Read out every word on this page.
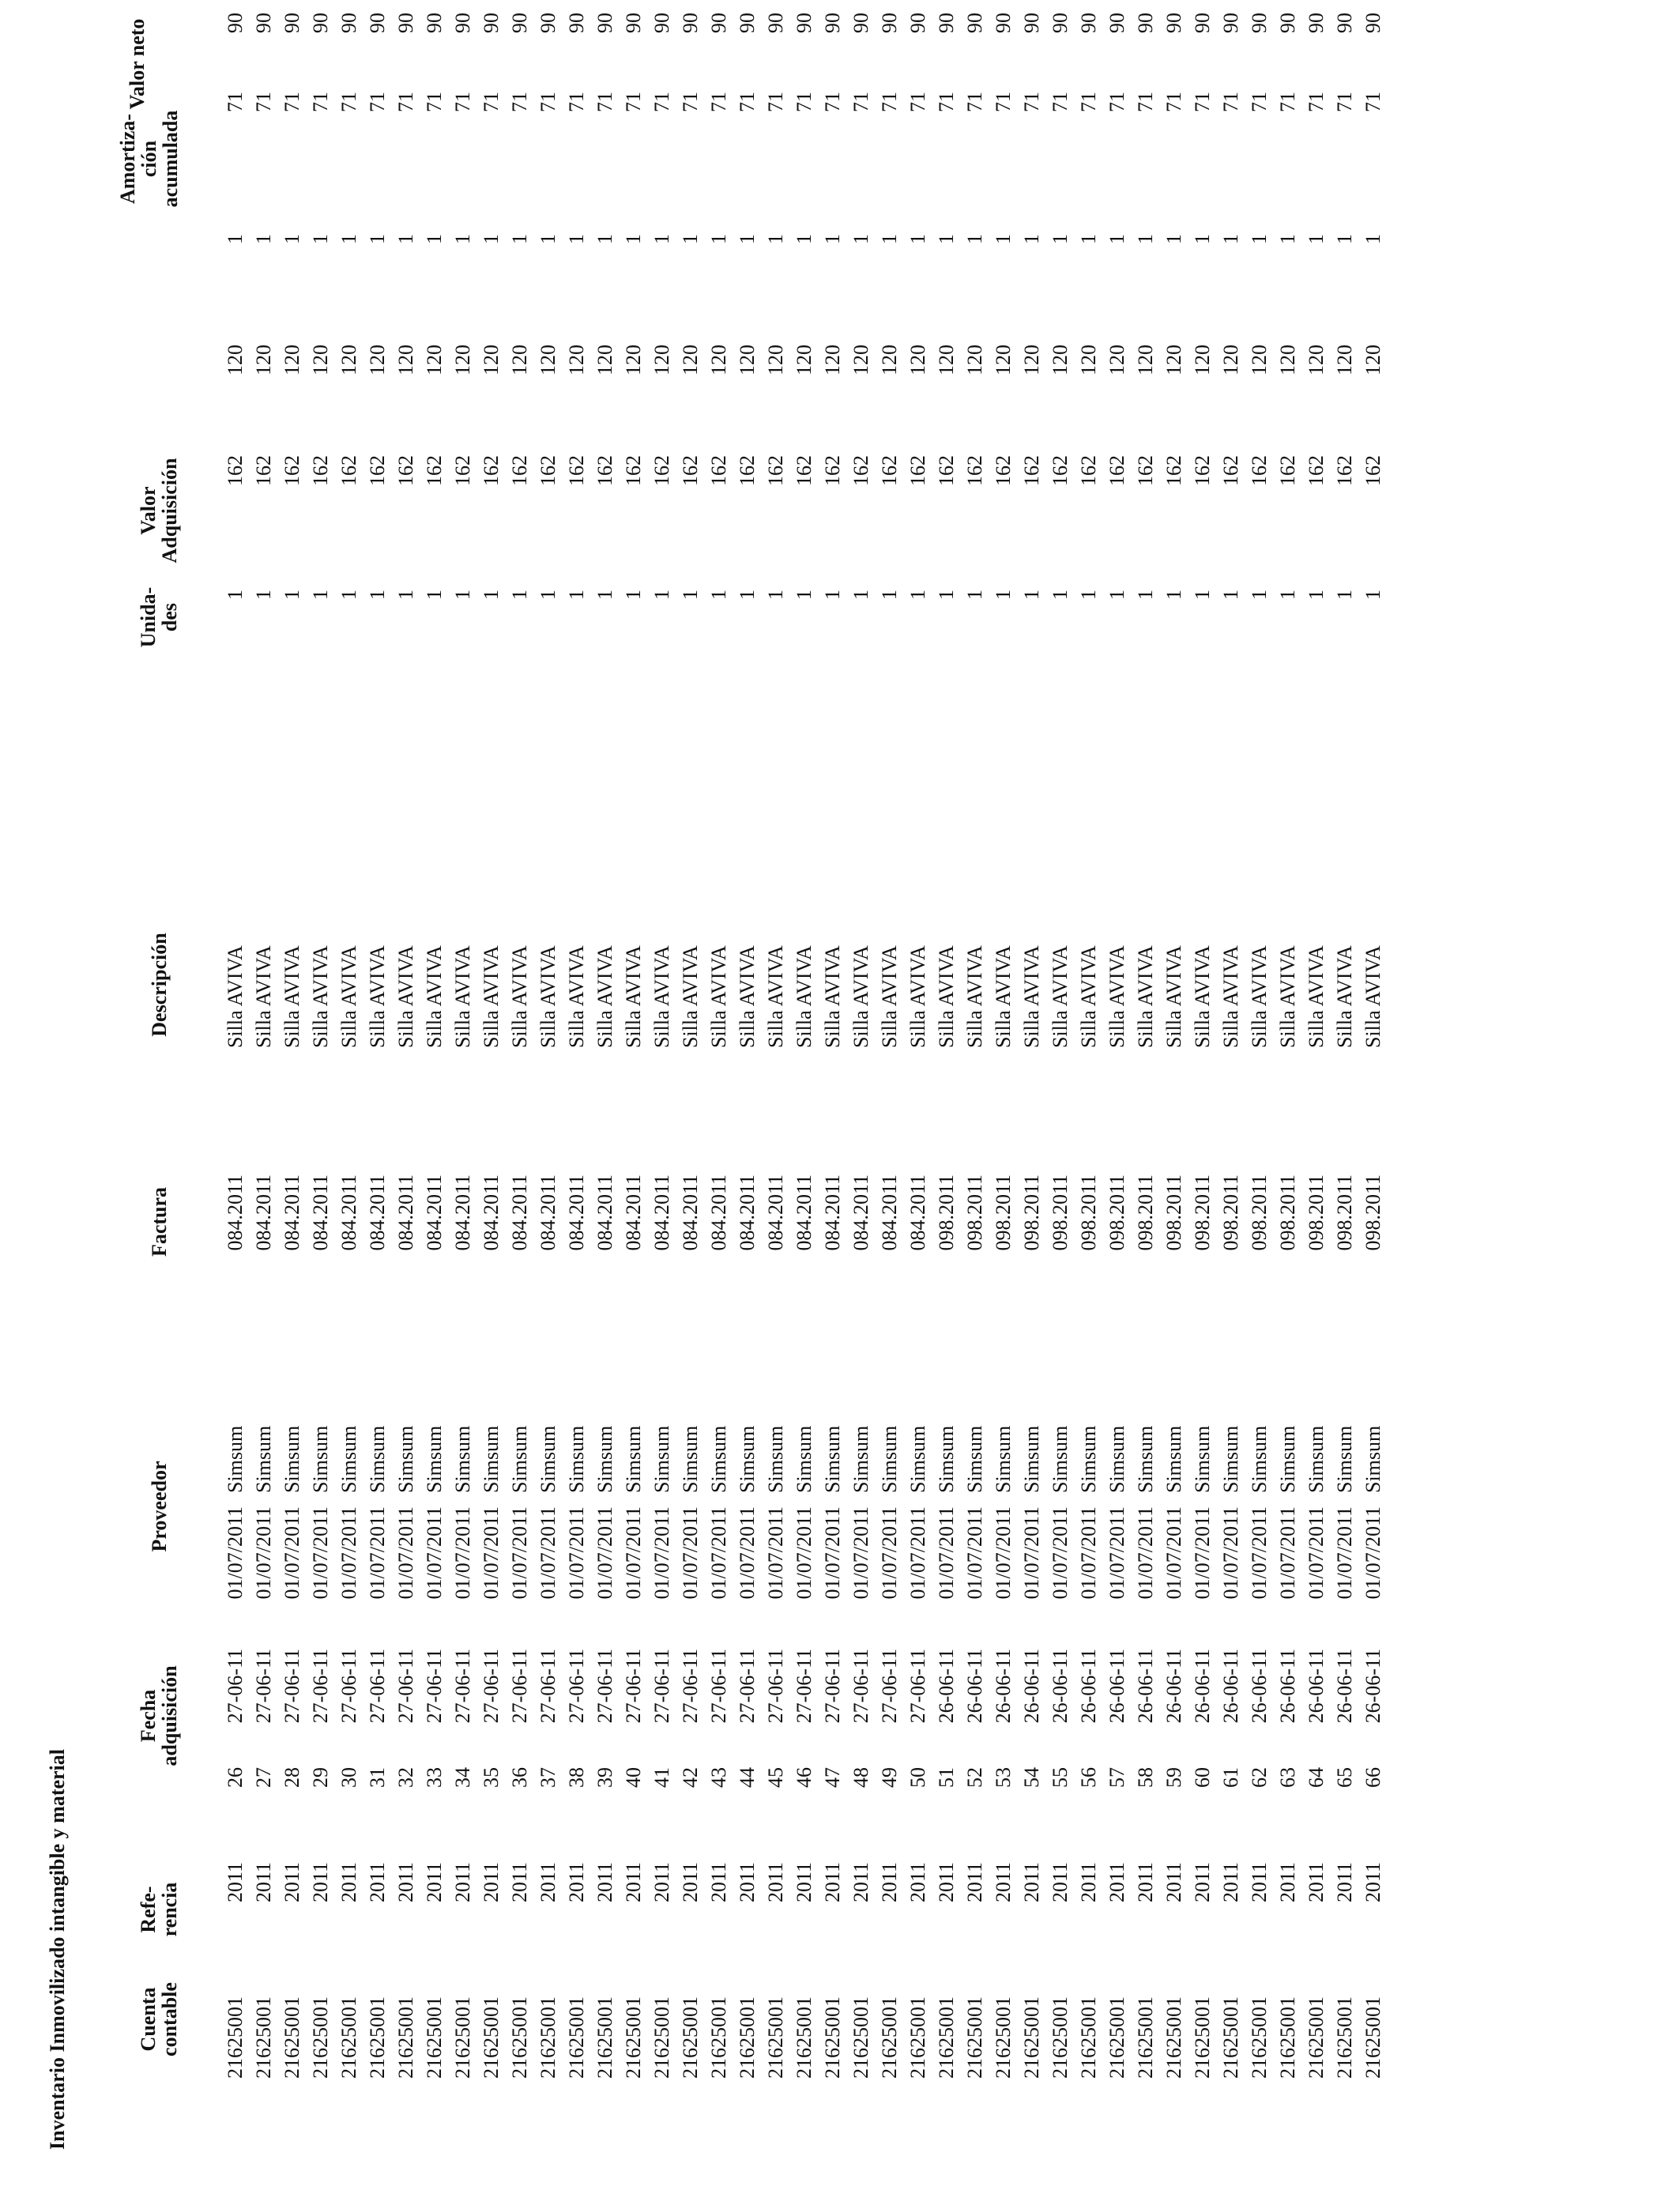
Inventario Inmovilizado intangible y material	Cuenta
contable
Refe-
rencia
Fecha
adquisición
Proveedor
Factura
Descripción
Unida-
des
Valor
Adquisición
Amortiza-
ción
acumulada
Valor neto
21625001
2011
26
27-06-11
01/07/2011
Simsum
084.2011
Silla AVIVA
1
162
120
1
71
90
21625001
2011
27
27-06-11
01/07/2011
Simsum
084.2011
Silla AVIVA
1
162
120
1
71
90
21625001
2011
28
27-06-11
01/07/2011
Simsum
084.2011
Silla AVIVA
1
162
120
1
71
90
21625001
2011
29
27-06-11
01/07/2011
Simsum
084.2011
Silla AVIVA
1
162
120
1
71
90
21625001
2011
30
27-06-11
01/07/2011
Simsum
084.2011
Silla AVIVA
1
162
120
1
71
90
21625001
2011
31
27-06-11
01/07/2011
Simsum
084.2011
Silla AVIVA
1
162
120
1
71
90
21625001
2011
32
27-06-11
01/07/2011
Simsum
084.2011
Silla AVIVA
1
162
120
1
71
90
21625001
2011
33
27-06-11
01/07/2011
Simsum
084.2011
Silla AVIVA
1
162
120
1
71
90
21625001
2011
34
27-06-11
01/07/2011
Simsum
084.2011
Silla AVIVA
1
162
120
1
71
90
21625001
2011
35
27-06-11
01/07/2011
Simsum
084.2011
Silla AVIVA
1
162
120
1
71
90
21625001
2011
36
27-06-11
01/07/2011
Simsum
084.2011
Silla AVIVA
1
162
120
1
71
90
21625001
2011
37
27-06-11
01/07/2011
Simsum
084.2011
Silla AVIVA
1
162
120
1
71
90
21625001
2011
38
27-06-11
01/07/2011
Simsum
084.2011
Silla AVIVA
1
162
120
1
71
90
21625001
2011
39
27-06-11
01/07/2011
Simsum
084.2011
Silla AVIVA
1
162
120
1
71
90
21625001
2011
40
27-06-11
01/07/2011
Simsum
084.2011
Silla AVIVA
1
162
120
1
71
90
21625001
2011
41
27-06-11
01/07/2011
Simsum
084.2011
Silla AVIVA
1
162
120
1
71
90
21625001
2011
42
27-06-11
01/07/2011
Simsum
084.2011
Silla AVIVA
1
162
120
1
71
90
21625001
2011
43
27-06-11
01/07/2011
Simsum
084.2011
Silla AVIVA
1
162
120
1
71
90
21625001
2011
44
27-06-11
01/07/2011
Simsum
084.2011
Silla AVIVA
1
162
120
1
71
90
21625001
2011
45
27-06-11
01/07/2011
Simsum
084.2011
Silla AVIVA
1
162
120
1
71
90
21625001
2011
46
27-06-11
01/07/2011
Simsum
084.2011
Silla AVIVA
1
162
120
1
71
90
21625001
2011
47
27-06-11
01/07/2011
Simsum
084.2011
Silla AVIVA
1
162
120
1
71
90
21625001
2011
48
27-06-11
01/07/2011
Simsum
084.2011
Silla AVIVA
1
162
120
1
71
90
21625001
2011
49
27-06-11
01/07/2011
Simsum
084.2011
Silla AVIVA
1
162
120
1
71
90
21625001
2011
50
27-06-11
01/07/2011
Simsum
084.2011
Silla AVIVA
1
162
120
1
71
90
21625001
2011
51
26-06-11
01/07/2011
Simsum
098.2011
Silla AVIVA
1
162
120
1
71
90
21625001
2011
52
26-06-11
01/07/2011
Simsum
098.2011
Silla AVIVA
1
162
120
1
71
90
21625001
2011
53
26-06-11
01/07/2011
Simsum
098.2011
Silla AVIVA
1
162
120
1
71
90
21625001
2011
54
26-06-11
01/07/2011
Simsum
098.2011
Silla AVIVA
1
162
120
1
71
90
21625001
2011
55
26-06-11
01/07/2011
Simsum
098.2011
Silla AVIVA
1
162
120
1
71
90
21625001
2011
56
26-06-11
01/07/2011
Simsum
098.2011
Silla AVIVA
1
162
120
1
71
90
21625001
2011
57
26-06-11
01/07/2011
Simsum
098.2011
Silla AVIVA
1
162
120
1
71
90
21625001
2011
58
26-06-11
01/07/2011
Simsum
098.2011
Silla AVIVA
1
162
120
1
71
90
21625001
2011
59
26-06-11
01/07/2011
Simsum
098.2011
Silla AVIVA
1
162
120
1
71
90
21625001
2011
60
26-06-11
01/07/2011
Simsum
098.2011
Silla AVIVA
1
162
120
1
71
90
21625001
2011
61
26-06-11
01/07/2011
Simsum
098.2011
Silla AVIVA
1
162
120
1
71
90
21625001
2011
62
26-06-11
01/07/2011
Simsum
098.2011
Silla AVIVA
1
162
120
1
71
90
21625001
2011
63
26-06-11
01/07/2011
Simsum
098.2011
Silla AVIVA
1
162
120
1
71
90
21625001
2011
64
26-06-11
01/07/2011
Simsum
098.2011
Silla AVIVA
1
162
120
1
71
90
21625001
2011
65
26-06-11
01/07/2011
Simsum
098.2011
Silla AVIVA
1
162
120
1
71
90
21625001
2011
66
26-06-11
01/07/2011
Simsum
098.2011
Silla AVIVA
1
162
120
1
71
90
